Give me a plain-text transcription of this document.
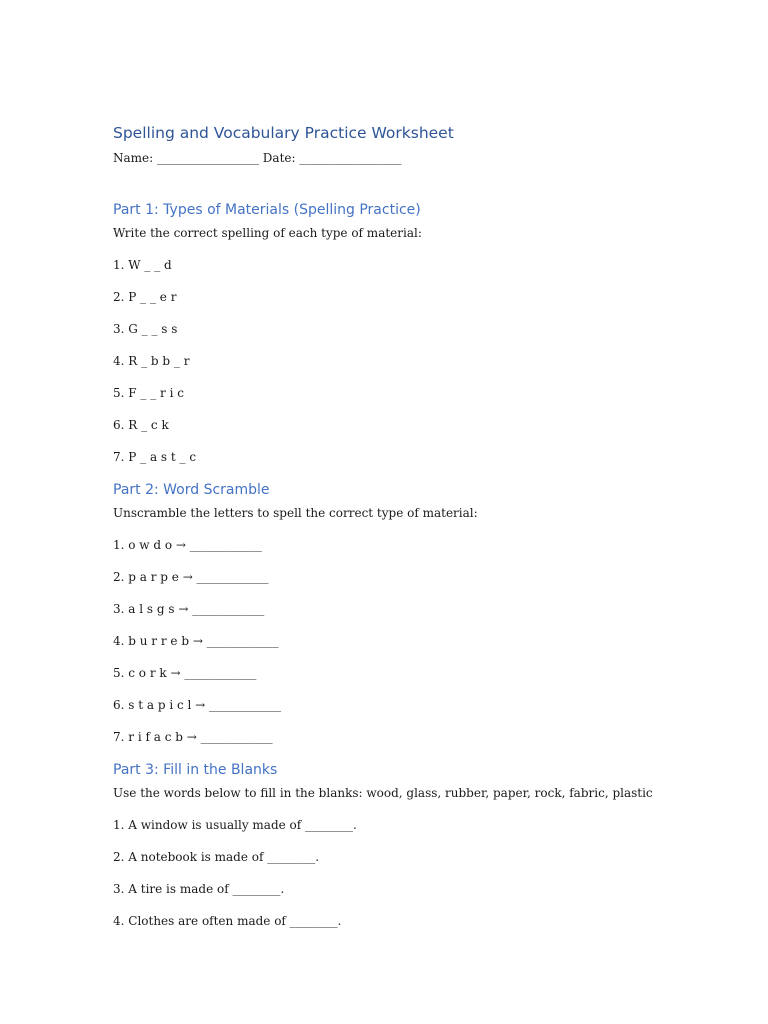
Spelling and Vocabulary Practice Worksheet
Name: _________________ Date: _________________
Part 1: Types of Materials (Spelling Practice)
Write the correct spelling of each type of material:
1. W _ _ d
2. P _ _ e r
3. G _ _ s s
4. R _ b b _ r
5. F _ _ r i c
6. R _ c k
7. P _ a s t _ c
Part 2: Word Scramble
Unscramble the letters to spell the correct type of material:
1. o w d o → ____________
2. p a r p e → ____________
3. a l s g s → ____________
4. b u r r e b → ____________
5. c o r k → ____________
6. s t a p i c l → ____________
7. r i f a c b → ____________
Part 3: Fill in the Blanks
Use the words below to fill in the blanks: wood, glass, rubber, paper, rock, fabric, plastic
1. A window is usually made of ________.
2. A notebook is made of ________.
3. A tire is made of ________.
4. Clothes are often made of ________.
